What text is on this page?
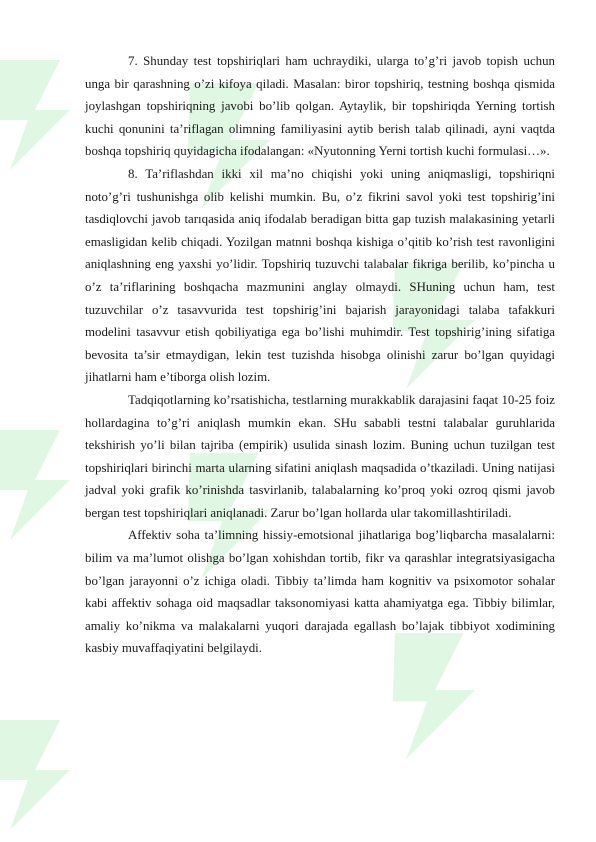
7. Shunday test topshiriqlari ham uchraydiki, ularga to’g’ri javob topish uchun unga bir qarashning o’zi kifoya qiladi. Masalan: biror topshiriq, testning boshqa qismida joylashgan topshiriqning javobi bo’lib qolgan. Aytaylik, bir topshiriqda Yerning tortish kuchi qonunini ta’riflagan olimning familiyasini aytib berish talab qilinadi, ayni vaqtda boshqa topshiriq quyidagicha ifodalangan: «Nyutonning Yerni tortish kuchi formulasi…».

8. Ta’riflashdan ikki xil ma’no chiqishi yoki uning aniqmasligi, topshiriqni noto’g’ri tushunishga olib kelishi mumkin. Bu, o’z fikrini savol yoki test topshirig’ini tasdiqlovchi javob tarıqasida aniq ifodalab beradigan bitta gap tuzish malakasining yetarli emasligidan kelib chiqadi. Yozilgan matnni boshqa kishiga o’qitib ko’rish test ravonligini aniqlashning eng yaxshi yo’lidir. Topshiriq tuzuvchi talabalar fikriga berilib, ko’pincha u o’z ta’riflarining boshqacha mazmunini anglay olmaydi. SHuning uchun ham, test tuzuvchilar o’z tasavvurida test topshirig’ini bajarish jarayonidagi talaba tafakkuri modelini tasavvur etish qobiliyatiga ega bo’lishi muhimdir. Test topshirig’ining sifatiga bevosita ta’sir etmaydigan, lekin test tuzishda hisobga olinishi zarur bo’lgan quyidagi jihatlarni ham e’tiborga olish lozim.

Tadqiqotlarning ko’rsatishicha, testlarning murakkablik darajasini faqat 10-25 foiz hollardagina to’g’ri aniqlash mumkin ekan. SHu sababli testni talabalar guruhlarida tekshirish yo’li bilan tajriba (empirik) usulida sinash lozim. Buning uchun tuzilgan test topshiriqlari birinchi marta ularning sifatini aniqlash maqsadida o’tkaziladi. Uning natijasi jadval yoki grafik ko’rinishda tasvirlanib, talabalarning ko’proq yoki ozroq qismi javob bergan test topshiriqlari aniqlanadi. Zarur bo’lgan hollarda ular takomillashtiriladi.

Affektiv soha ta’limning hissiy-emotsional jihatlariga bog’liqbarcha masalalarni: bilim va ma’lumot olishga bo’lgan xohishdan tortib, fikr va qarashlar integratsiyasigacha bo’lgan jarayonni o’z ichiga oladi. Tibbiy ta’limda ham kognitiv va psixomotor sohalar kabi affektiv sohaga oid maqsadlar taksonomiyasi katta ahamiyatga ega. Tibbiy bilimlar, amaliy ko’nikma va malakalarni yuqori darajada egallash bo’lajak tibbiyot xodimining kasbiy muvaffaqiyatini belgilaydi.
